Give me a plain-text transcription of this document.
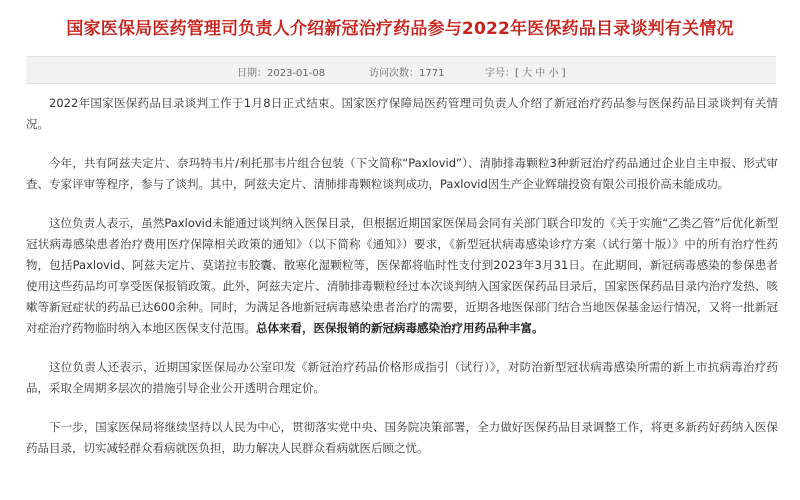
国家医保局医药管理司负责人介绍新冠治疗药品参与2022年医保药品目录谈判有关情况
日期：2023-01-08	访问次数：1771	字号：[ 大 中 小 ]

2022年国家医保药品目录谈判工作于1月8日正式结束。国家医疗保障局医药管理司负责人介绍了新冠治疗药品参与医保药品目录谈判有关情况。

今年，共有阿兹夫定片、奈玛特韦片/利托那韦片组合包装（下文简称“Paxlovid”）、清肺排毒颗粒3种新冠治疗药品通过企业自主申报、形式审查、专家评审等程序，参与了谈判。其中，阿兹夫定片、清肺排毒颗粒谈判成功，Paxlovid因生产企业辉瑞投资有限公司报价高未能成功。

这位负责人表示，虽然Paxlovid未能通过谈判纳入医保目录，但根据近期国家医保局会同有关部门联合印发的《关于实施“乙类乙管”后优化新型冠状病毒感染患者治疗费用医疗保障相关政策的通知》（以下简称《通知》）要求，《新型冠状病毒感染诊疗方案（试行第十版）》中的所有治疗性药物，包括Paxlovid、阿兹夫定片、莫诺拉韦胶囊、散寒化湿颗粒等，医保都将临时性支付到2023年3月31日。在此期间，新冠病毒感染的参保患者使用这些药品均可享受医保报销政策。此外，阿兹夫定片、清肺排毒颗粒经过本次谈判纳入国家医保药品目录后，国家医保药品目录内治疗发热、咳嗽等新冠症状的药品已达600余种。同时，为满足各地新冠病毒感染患者治疗的需要，近期各地医保部门结合当地医保基金运行情况，又将一批新冠对症治疗药物临时纳入本地区医保支付范围。总体来看，医保报销的新冠病毒感染治疗用药品种丰富。

这位负责人还表示，近期国家医保局办公室印发《新冠治疗药品价格形成指引（试行）》，对防治新型冠状病毒感染所需的新上市抗病毒治疗药品，采取全周期多层次的措施引导企业公开透明合理定价。

下一步，国家医保局将继续坚持以人民为中心，贯彻落实党中央、国务院决策部署，全力做好医保药品目录调整工作，将更多新药好药纳入医保药品目录，切实减轻群众看病就医负担，助力解决人民群众看病就医后顾之忧。
